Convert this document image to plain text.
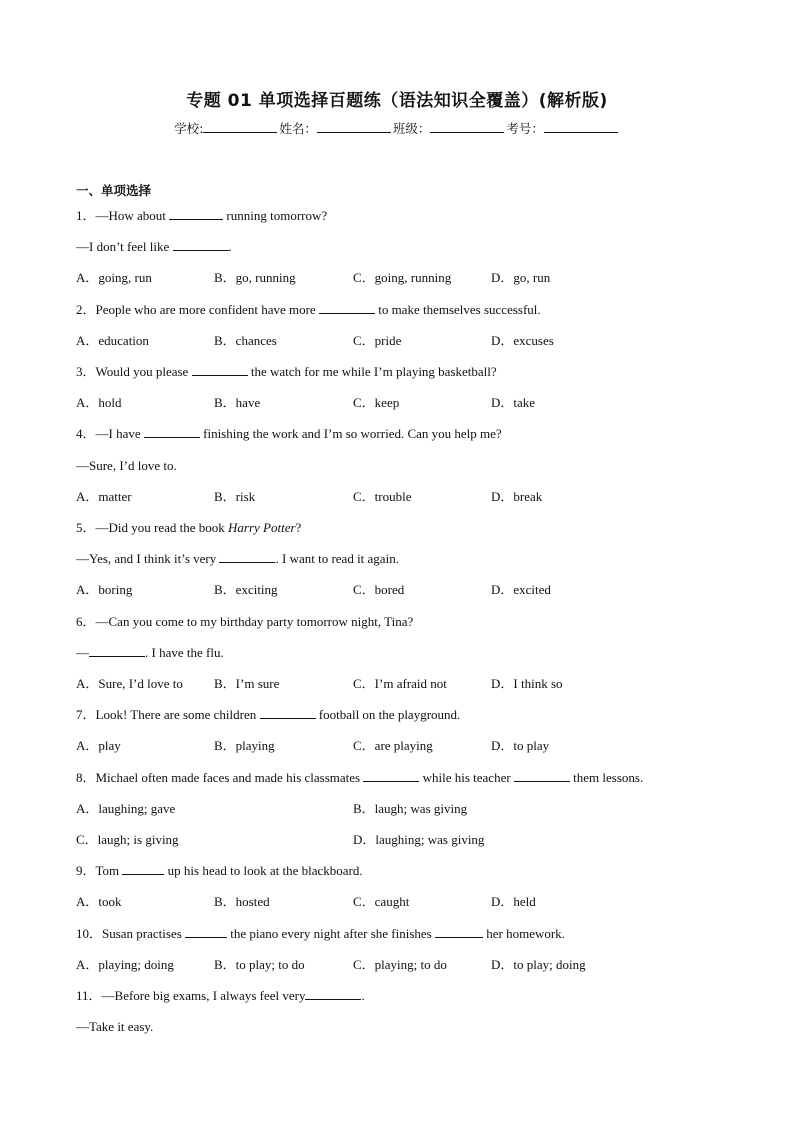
专题 01 单项选择百题练（语法知识全覆盖）(解析版)
学校:	姓名：	班级：	考号：
一、单项选择
1．—How about	running tomorrow?
—I don’t feel like	.
A．going, run	B．go, running	C．going, running	D．go, run
2．People who are more confident have more	to make themselves successful.
A．education	B．chances	C．pride	D．excuses
3．Would you please	the watch for me while I’m playing basketball?
A．hold	B．have	C．keep	D．take
4．—I have	finishing the work and I’m so worried. Can you help me?
—Sure, I’d love to.
A．matter	B．risk	C．trouble	D．break
5．—Did you read the book Harry Potter?
—Yes, and I think it’s very	. I want to read it again.
A．boring	B．exciting	C．bored	D．excited
6．—Can you come to my birthday party tomorrow night, Tina?
—	. I have the flu.
A．Sure, I’d love to B．I’m sure	C．I’m afraid not	D．I think so
7．Look! There are some children	football on the playground.
A．play	B．playing	C．are playing	D．to play
8．Michael often made faces and made his classmates	while his teacher	them lessons.
A．laughing; gave	B．laugh; was giving
C．laugh; is giving	D．laughing; was giving
9．Tom	up his head to look at the blackboard.
A．took	B．hosted	C．caught	D．held
10．Susan practises	the piano every night after she finishes	her homework.
A．playing; doing	B．to play; to do	C．playing; to do	D．to play; doing
11．—Before big exams, I always feel very	.
—Take it easy.
